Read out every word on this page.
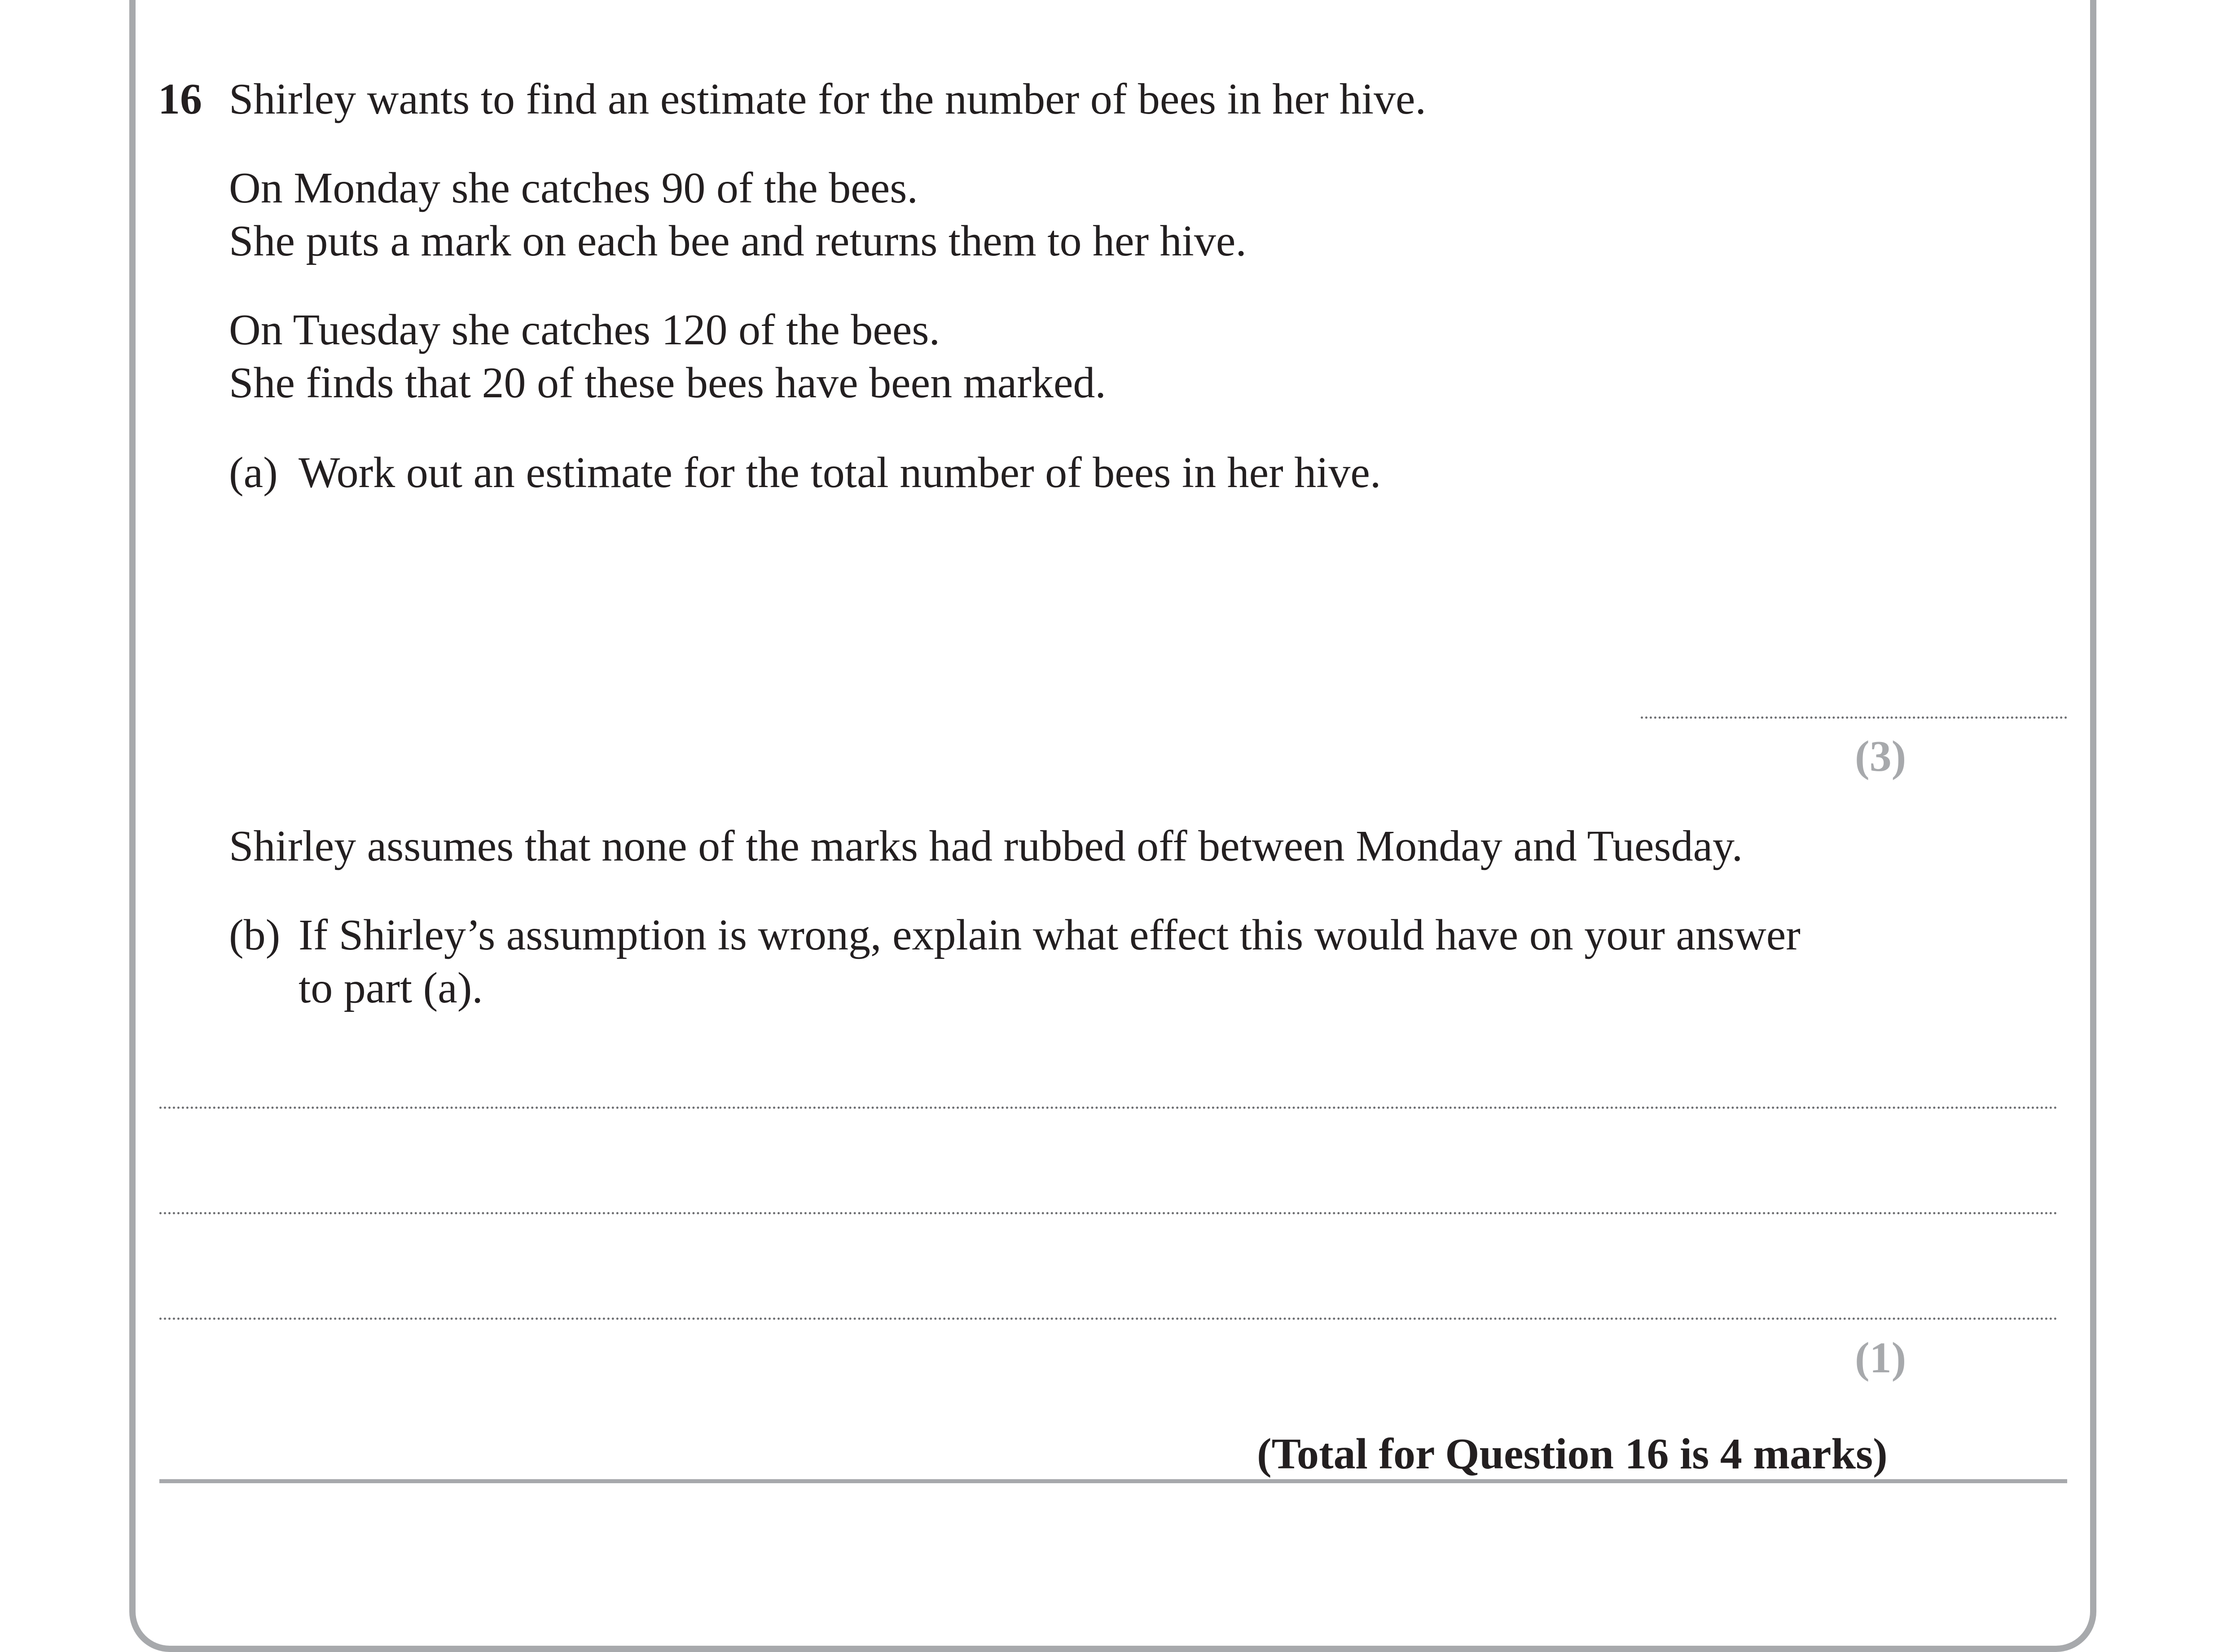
16 Shirley wants to find an estimate for the number of bees in her hive.
On Monday she catches 90 of the bees.
She puts a mark on each bee and returns them to her hive.
On Tuesday she catches 120 of the bees.
She finds that 20 of these bees have been marked.
(a) Work out an estimate for the total number of bees in her hive.
(3)
Shirley assumes that none of the marks had rubbed off between Monday and Tuesday.
(b) If Shirley’s assumption is wrong, explain what effect this would have on your answer
to part (a).
(1)
(Total for Question 16 is 4 marks)
